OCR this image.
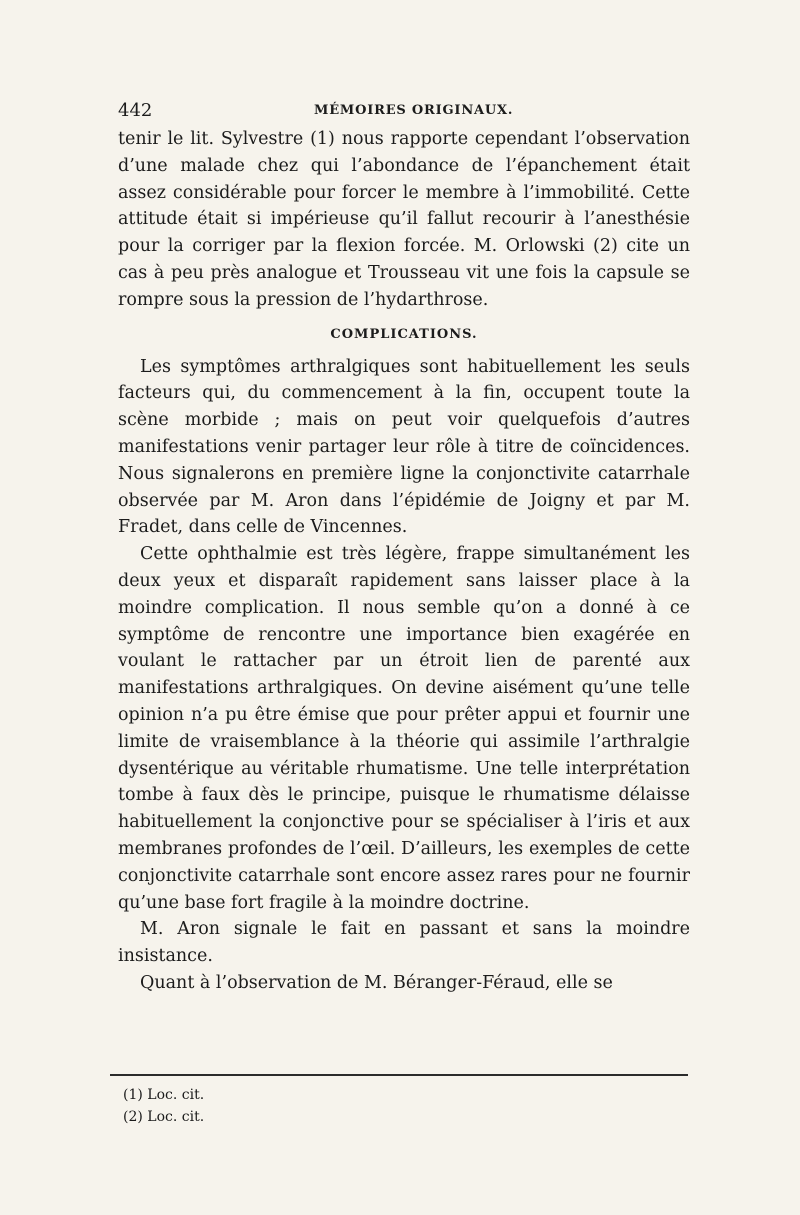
442	MÉMOIRES ORIGINAUX.

tenir le lit. Sylvestre (1) nous rapporte cependant l’observation d’une malade chez qui l’abondance de l’épanchement était assez considérable pour forcer le membre à l’immobilité. Cette attitude était si impérieuse qu’il fallut recourir à l’anesthésie pour la corriger par la flexion forcée. M. Orlowski (2) cite un cas à peu près analogue et Trousseau vit une fois la capsule se rompre sous la pression de l’hydarthrose.

COMPLICATIONS.

Les symptômes arthralgiques sont habituellement les seuls facteurs qui, du commencement à la fin, occupent toute la scène morbide ; mais on peut voir quelquefois d’autres manifestations venir partager leur rôle à titre de coïncidences. Nous signalerons en première ligne la conjonctivite catarrhale observée par M. Aron dans l’épidémie de Joigny et par M. Fradet, dans celle de Vincennes.

Cette ophthalmie est très légère, frappe simultanément les deux yeux et disparaît rapidement sans laisser place à la moindre complication. Il nous semble qu’on a donné à ce symptôme de rencontre une importance bien exagérée en voulant le rattacher par un étroit lien de parenté aux manifestations arthralgiques. On devine aisément qu’une telle opinion n’a pu être émise que pour prêter appui et fournir une limite de vraisemblance à la théorie qui assimile l’arthralgie dysentérique au véritable rhumatisme. Une telle interprétation tombe à faux dès le principe, puisque le rhumatisme délaisse habituellement la conjonctive pour se spécialiser à l’iris et aux membranes profondes de l’œil. D’ailleurs, les exemples de cette conjonctivite catarrhale sont encore assez rares pour ne fournir qu’une base fort fragile à la moindre doctrine.

M. Aron signale le fait en passant et sans la moindre insistance.

Quant à l’observation de M. Béranger-Féraud, elle se

(1) Loc. cit.

(2) Loc. cit.
